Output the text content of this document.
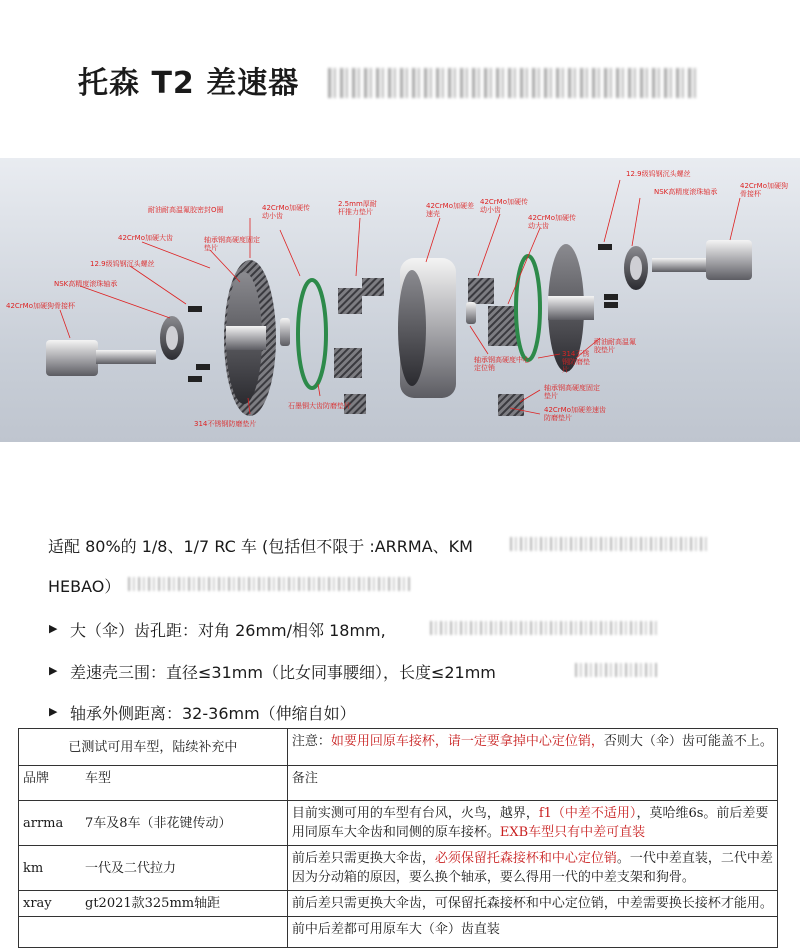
托森 T2 差速器
耐油耐高温氟胶密封O圈
42CrMo加硬大齿
12.9级钨钢沉头螺丝
NSK高精度滚珠轴承
42CrMo加硬狗骨接杯
轴承钢高硬度固定垫片
42CrMo加硬传动小齿
2.5mm厚耐杆推力垫片
42CrMo加硬差速壳
42CrMo加硬传动小齿
42CrMo加硬传动大齿
12.9级钨钢沉头螺丝
NSK高精度滚珠轴承
42CrMo加硬狗骨接杯
石墨铜大齿防磨垫片
314不锈钢防磨垫片
耐油耐高温氟胶垫片
314不锈钢防磨垫片
轴承钢高硬度中心定位销
轴承钢高硬度固定垫片
42CrMo加硬差速齿防磨垫片
适配 80%的 1/8、1/7 RC 车 (包括但不限于 :ARRMA、KM
HEBAO）
▶ 大（伞）齿孔距：对角 26mm/相邻 18mm,
▶ 差速壳三围：直径≤31mm（比女同事腰细），长度≤21mm
▶ 轴承外侧距离：32-36mm（伸缩自如）
已测试可用车型，陆续补充中	注意：如要用回原车接杯，请一定要拿掉中心定位销，否则大（伞）齿可能盖不上。
品牌 车型	备注
arrma 7车及8车（非花键传动）	目前实测可用的车型有台风，火鸟，越界，f1（中差不适用），莫哈维6s。前后差要用同原车大伞齿和同侧的原车接杯。EXB车型只有中差可直装
km 一代及二代拉力	前后差只需更换大伞齿，必须保留托森接杯和中心定位销。一代中差直装，二代中差因为分动箱的原因，要么换个轴承，要么得用一代的中差支架和狗骨。
xray gt2021款325mm轴距	前后差只需更换大伞齿，可保留托森接杯和中心定位销，中差需要换长接杯才能用。
	前中后差都可用原车大（伞）齿直装
